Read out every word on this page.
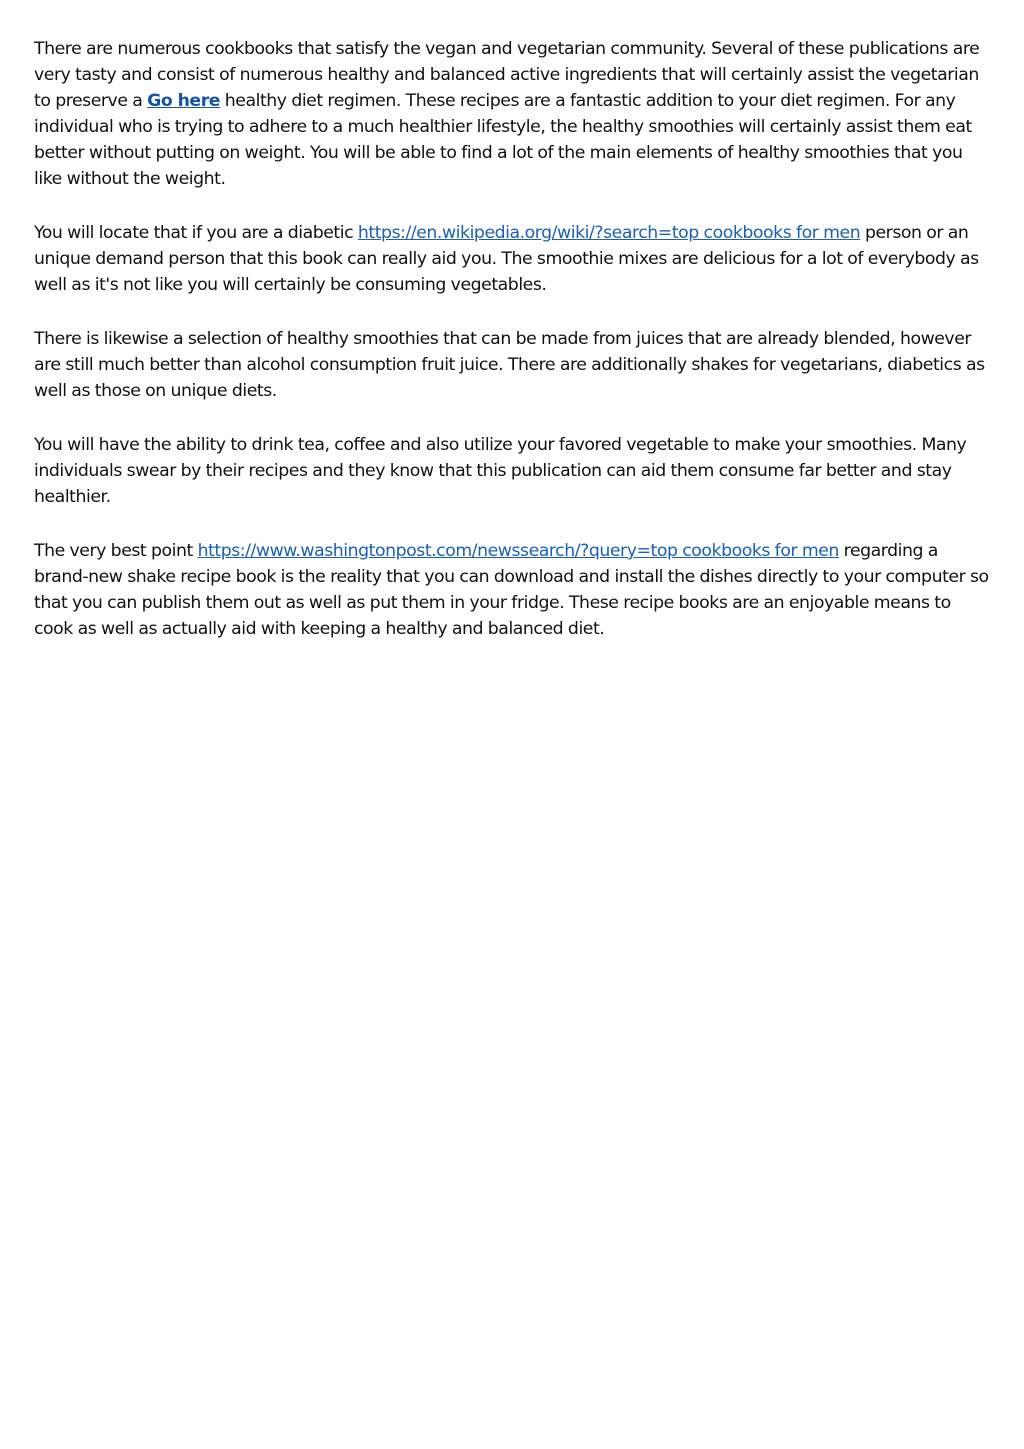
There are numerous cookbooks that satisfy the vegan and vegetarian community. Several of these publications are very tasty and consist of numerous healthy and balanced active ingredients that will certainly assist the vegetarian to preserve a Go here healthy diet regimen. These recipes are a fantastic addition to your diet regimen. For any individual who is trying to adhere to a much healthier lifestyle, the healthy smoothies will certainly assist them eat better without putting on weight. You will be able to find a lot of the main elements of healthy smoothies that you like without the weight.

You will locate that if you are a diabetic https://en.wikipedia.org/wiki/?search=top cookbooks for men person or an unique demand person that this book can really aid you. The smoothie mixes are delicious for a lot of everybody as well as it's not like you will certainly be consuming vegetables.

There is likewise a selection of healthy smoothies that can be made from juices that are already blended, however are still much better than alcohol consumption fruit juice. There are additionally shakes for vegetarians, diabetics as well as those on unique diets.

You will have the ability to drink tea, coffee and also utilize your favored vegetable to make your smoothies. Many individuals swear by their recipes and they know that this publication can aid them consume far better and stay healthier.

The very best point https://www.washingtonpost.com/newssearch/?query=top cookbooks for men regarding a brand-new shake recipe book is the reality that you can download and install the dishes directly to your computer so that you can publish them out as well as put them in your fridge. These recipe books are an enjoyable means to cook as well as actually aid with keeping a healthy and balanced diet.
